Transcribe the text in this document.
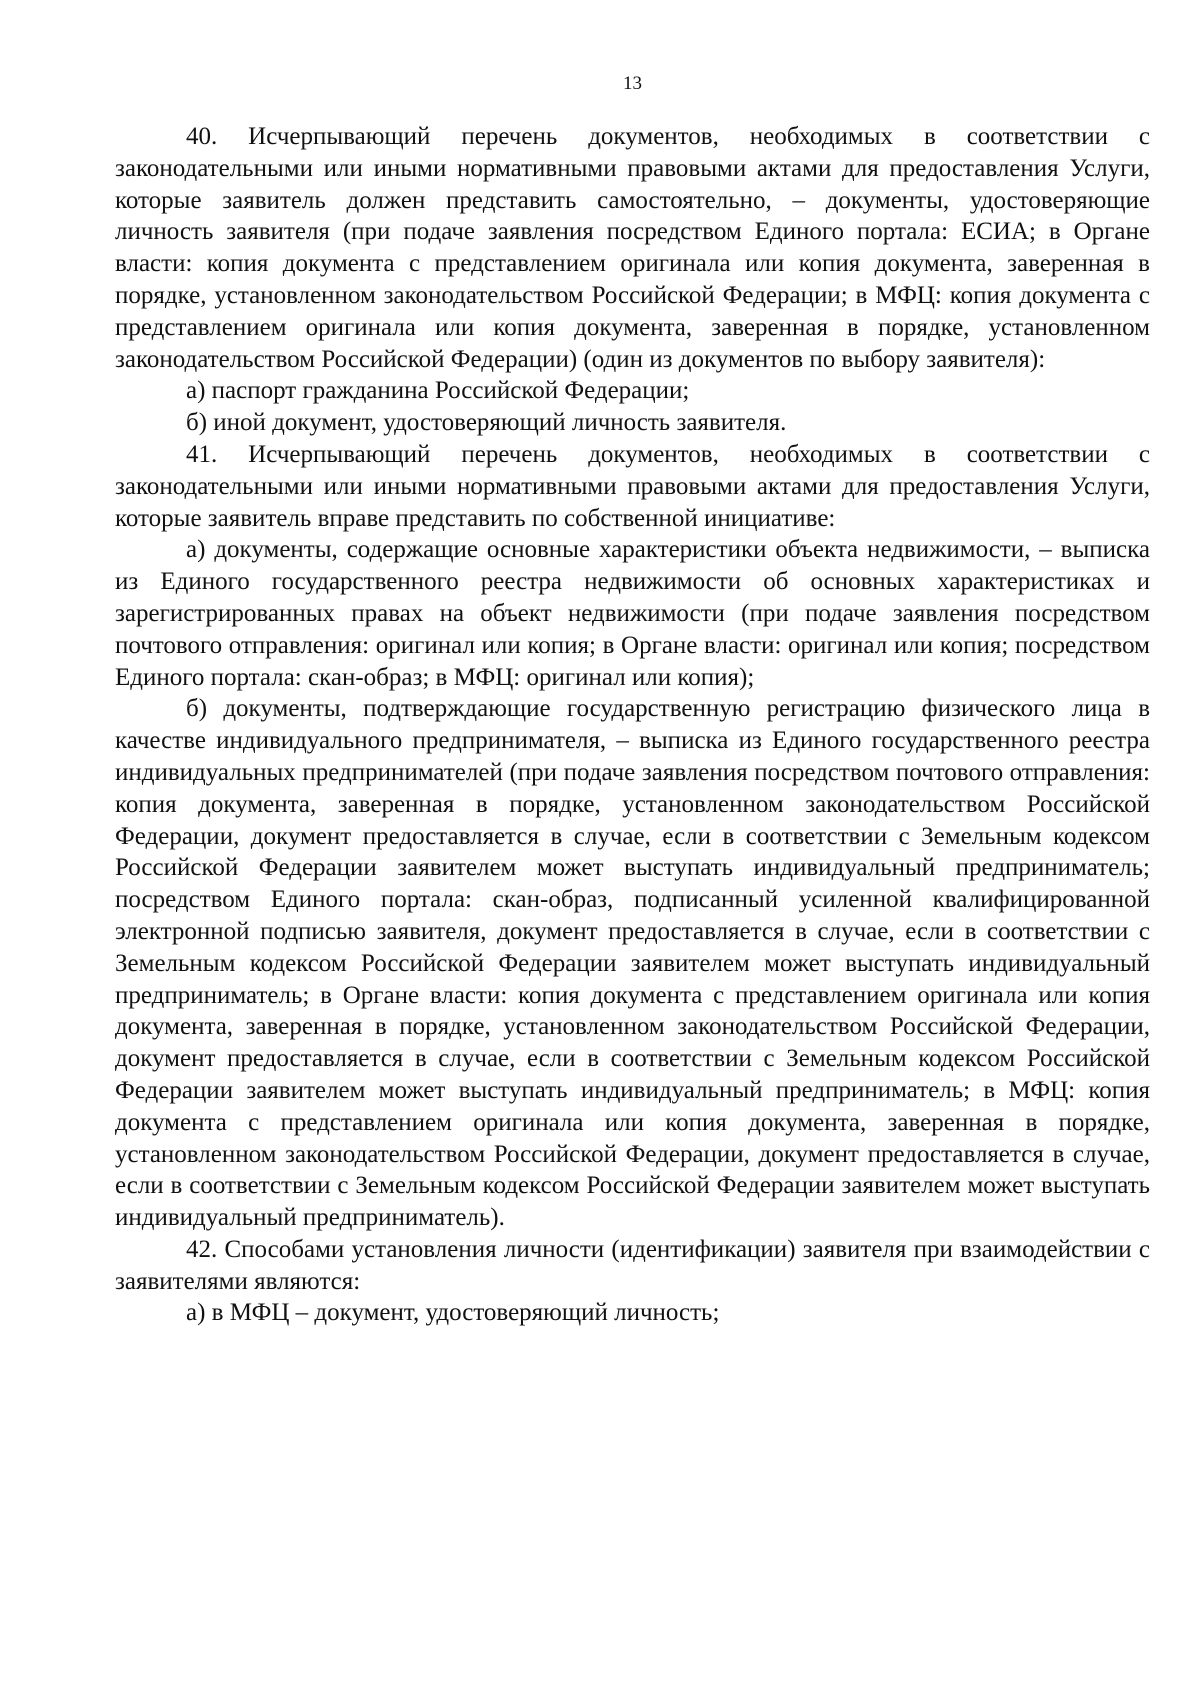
13

40. Исчерпывающий перечень документов, необходимых в соответствии с законодательными или иными нормативными правовыми актами для предоставления Услуги, которые заявитель должен представить самостоятельно, – документы, удостоверяющие личность заявителя (при подаче заявления посредством Единого портала: ЕСИА; в Органе власти: копия документа с представлением оригинала или копия документа, заверенная в порядке, установленном законодательством Российской Федерации; в МФЦ: копия документа с представлением оригинала или копия документа, заверенная в порядке, установленном законодательством Российской Федерации) (один из документов по выбору заявителя):

а) паспорт гражданина Российской Федерации;

б) иной документ, удостоверяющий личность заявителя.

41. Исчерпывающий перечень документов, необходимых в соответствии с законодательными или иными нормативными правовыми актами для предоставления Услуги, которые заявитель вправе представить по собственной инициативе:

а) документы, содержащие основные характеристики объекта недвижимости, – выписка из Единого государственного реестра недвижимости об основных характеристиках и зарегистрированных правах на объект недвижимости (при подаче заявления посредством почтового отправления: оригинал или копия; в Органе власти: оригинал или копия; посредством Единого портала: скан-образ; в МФЦ: оригинал или копия);

б) документы, подтверждающие государственную регистрацию физического лица в качестве индивидуального предпринимателя, – выписка из Единого государственного реестра индивидуальных предпринимателей (при подаче заявления посредством почтового отправления: копия документа, заверенная в порядке, установленном законодательством Российской Федерации, документ предоставляется в случае, если в соответствии с Земельным кодексом Российской Федерации заявителем может выступать индивидуальный предприниматель; посредством Единого портала: скан-образ, подписанный усиленной квалифицированной электронной подписью заявителя, документ предоставляется в случае, если в соответствии с Земельным кодексом Российской Федерации заявителем может выступать индивидуальный предприниматель; в Органе власти: копия документа с представлением оригинала или копия документа, заверенная в порядке, установленном законодательством Российской Федерации, документ предоставляется в случае, если в соответствии с Земельным кодексом Российской Федерации заявителем может выступать индивидуальный предприниматель; в МФЦ: копия документа с представлением оригинала или копия документа, заверенная в порядке, установленном законодательством Российской Федерации, документ предоставляется в случае, если в соответствии с Земельным кодексом Российской Федерации заявителем может выступать индивидуальный предприниматель).

42. Способами установления личности (идентификации) заявителя при взаимодействии с заявителями являются:

а) в МФЦ – документ, удостоверяющий личность;
